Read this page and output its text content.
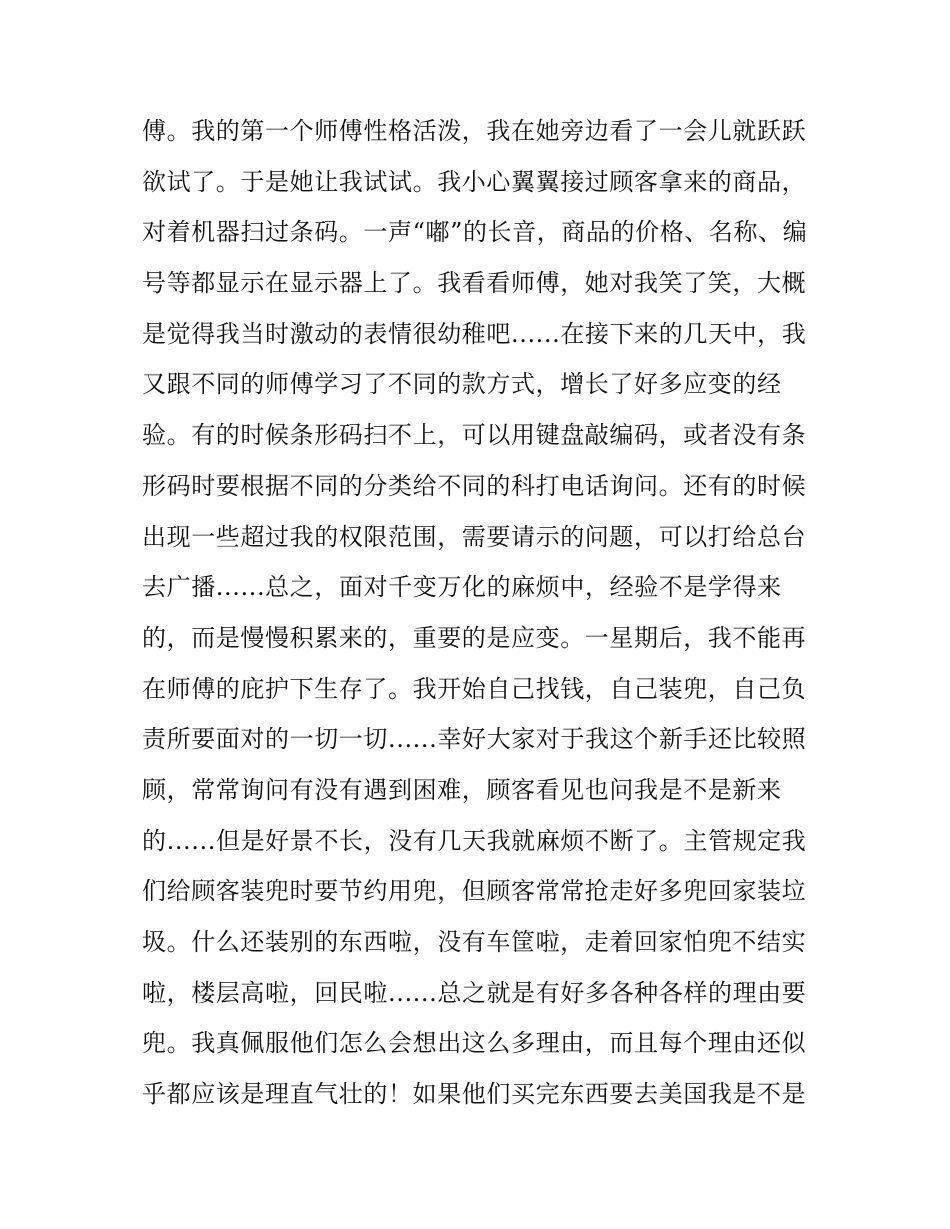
傅。我的第一个师傅性格活泼，我在她旁边看了一会儿就跃跃
欲试了。于是她让我试试。我小心翼翼接过顾客拿来的商品，
对着机器扫过条码。一声“嘟”的长音，商品的价格、名称、编
号等都显示在显示器上了。我看看师傅，她对我笑了笑，大概
是觉得我当时激动的表情很幼稚吧......在接下来的几天中，我
又跟不同的师傅学习了不同的款方式，增长了好多应变的经
验。有的时候条形码扫不上，可以用键盘敲编码，或者没有条
形码时要根据不同的分类给不同的科打电话询问。还有的时候
出现一些超过我的权限范围，需要请示的问题，可以打给总台
去广播......总之，面对千变万化的麻烦中，经验不是学得来
的，而是慢慢积累来的，重要的是应变。一星期后，我不能再
在师傅的庇护下生存了。我开始自己找钱，自己装兜，自己负
责所要面对的一切一切......幸好大家对于我这个新手还比较照
顾，常常询问有没有遇到困难，顾客看见也问我是不是新来
的......但是好景不长，没有几天我就麻烦不断了。主管规定我
们给顾客装兜时要节约用兜，但顾客常常抢走好多兜回家装垃
圾。什么还装别的东西啦，没有车筐啦，走着回家怕兜不结实
啦，楼层高啦，回民啦......总之就是有好多各种各样的理由要
兜。我真佩服他们怎么会想出这么多理由，而且每个理由还似
乎都应该是理直气壮的！如果他们买完东西要去美国我是不是
